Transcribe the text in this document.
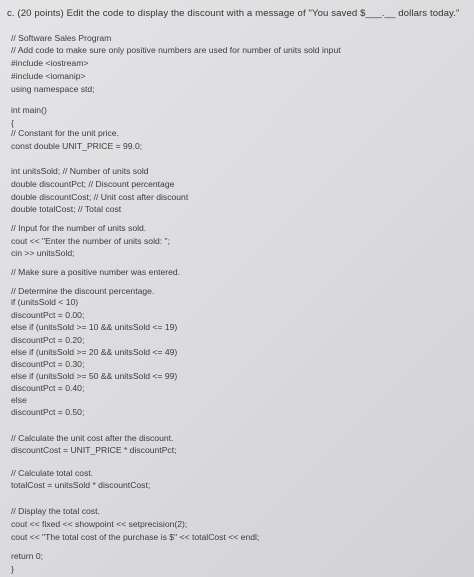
c. (20 points) Edit the code to display the discount with a message of "You saved $___.__ dollars today."
// Software Sales Program
// Add code to make sure only positive numbers are used for number of units sold input
#include <iostream>
#include <iomanip>
using namespace std;
int main()
{
// Constant for the unit price.
const double UNIT_PRICE = 99.0;
int unitsSold; // Number of units sold
double discountPct; // Discount percentage
double discountCost; // Unit cost after discount
double totalCost; // Total cost
// Input for the number of units sold.
cout << "Enter the number of units sold: ";
cin >> unitsSold;
// Make sure a positive number was entered.
// Determine the discount percentage.
if (unitsSold < 10)
discountPct = 0.00;
else if (unitsSold >= 10 && unitsSold <= 19)
discountPct = 0.20;
else if (unitsSold >= 20 && unitsSold <= 49)
discountPct = 0.30;
else if (unitsSold >= 50 && unitsSold <= 99)
discountPct = 0.40;
else
discountPct = 0.50;
// Calculate the unit cost after the discount.
discountCost = UNIT_PRICE * discountPct;
// Calculate total cost.
totalCost = unitsSold * discountCost;
// Display the total cost.
cout << fixed << showpoint << setprecision(2);
cout << "The total cost of the purchase is $" << totalCost << endl;
return 0;
}
